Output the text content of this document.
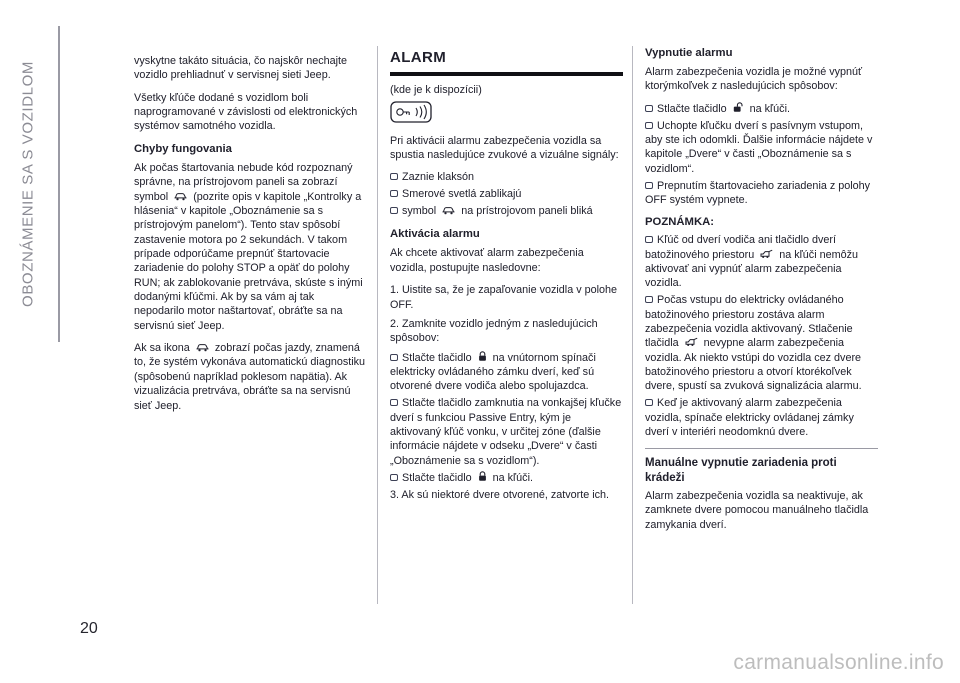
OBOZNÁMENIE SA S VOZIDLOM

vyskytne takáto situácia, čo najskôr nechajte vozidlo prehliadnuť v servisnej sieti Jeep.

Všetky kľúče dodané s vozidlom boli naprogramované v závislosti od elektronických systémov samotného vozidla.

Chyby fungovania

Ak počas štartovania nebude kód rozpoznaný správne, na prístrojovom paneli sa zobrazí symbol  (pozrite opis v kapitole „Kontrolky a hlásenia“ v kapitole „Oboznámenie sa s prístrojovým panelom“). Tento stav spôsobí zastavenie motora po 2 sekundách. V takom prípade odporúčame prepnúť štartovacie zariadenie do polohy STOP a opäť do polohy RUN; ak zablokovanie pretrváva, skúste s inými dodanými kľúčmi. Ak by sa vám aj tak nepodarilo motor naštartovať, obráťte sa na servisnú sieť Jeep.

Ak sa ikona  zobrazí počas jazdy, znamená to, že systém vykonáva automatickú diagnostiku (spôsobenú napríklad poklesom napätia). Ak vizualizácia pretrváva, obráťte sa na servisnú sieť Jeep.

ALARM
(kde je k dispozícii)

Pri aktivácii alarmu zabezpečenia vozidla sa spustia nasledujúce zvukové a vizuálne signály:

Zaznie klaksón
Smerové svetlá zablikajú
symbol  na prístrojovom paneli bliká
Aktivácia alarmu

Ak chcete aktivovať alarm zabezpečenia vozidla, postupujte nasledovne:

1. Uistite sa, že je zapaľovanie vozidla v polohe OFF.

2. Zamknite vozidlo jedným z nasledujúcich spôsobov:

Stlačte tlačidlo  na vnútornom spínači elektricky ovládaného zámku dverí, keď sú otvorené dvere vodiča alebo spolujazdca.
Stlačte tlačidlo zamknutia na vonkajšej kľučke dverí s funkciou Passive Entry, kým je aktivovaný kľúč vonku, v určitej zóne (ďalšie informácie nájdete v odseku „Dvere“ v časti „Oboznámenie sa s vozidlom“).
Stlačte tlačidlo  na kľúči.

3. Ak sú niektoré dvere otvorené, zatvorte ich.

Vypnutie alarmu

Alarm zabezpečenia vozidla je možné vypnúť ktorýmkoľvek z nasledujúcich spôsobov:

Stlačte tlačidlo  na kľúči.
Uchopte kľučku dverí s pasívnym vstupom, aby ste ich odomkli. Ďalšie informácie nájdete v kapitole „Dvere“ v časti „Oboznámenie sa s vozidlom“.
Prepnutím štartovacieho zariadenia z polohy OFF systém vypnete.
POZNÁMKA:
Kľúč od dverí vodiča ani tlačidlo dverí batožinového priestoru  na kľúči nemôžu aktivovať ani vypnúť alarm zabezpečenia vozidla.
Počas vstupu do elektricky ovládaného batožinového priestoru zostáva alarm zabezpečenia vozidla aktivovaný. Stlačenie tlačidla  nevypne alarm zabezpečenia vozidla. Ak niekto vstúpi do vozidla cez dvere batožinového priestoru a otvorí ktorékoľvek dvere, spustí sa zvuková signalizácia alarmu.
Keď je aktivovaný alarm zabezpečenia vozidla, spínače elektricky ovládanej zámky dverí v interiéri neodomknú dvere.
Manuálne vypnutie zariadenia proti krádeži

Alarm zabezpečenia vozidla sa neaktivuje, ak zamknete dvere pomocou manuálneho tlačidla zamykania dverí.

20
carmanualsonline.info
